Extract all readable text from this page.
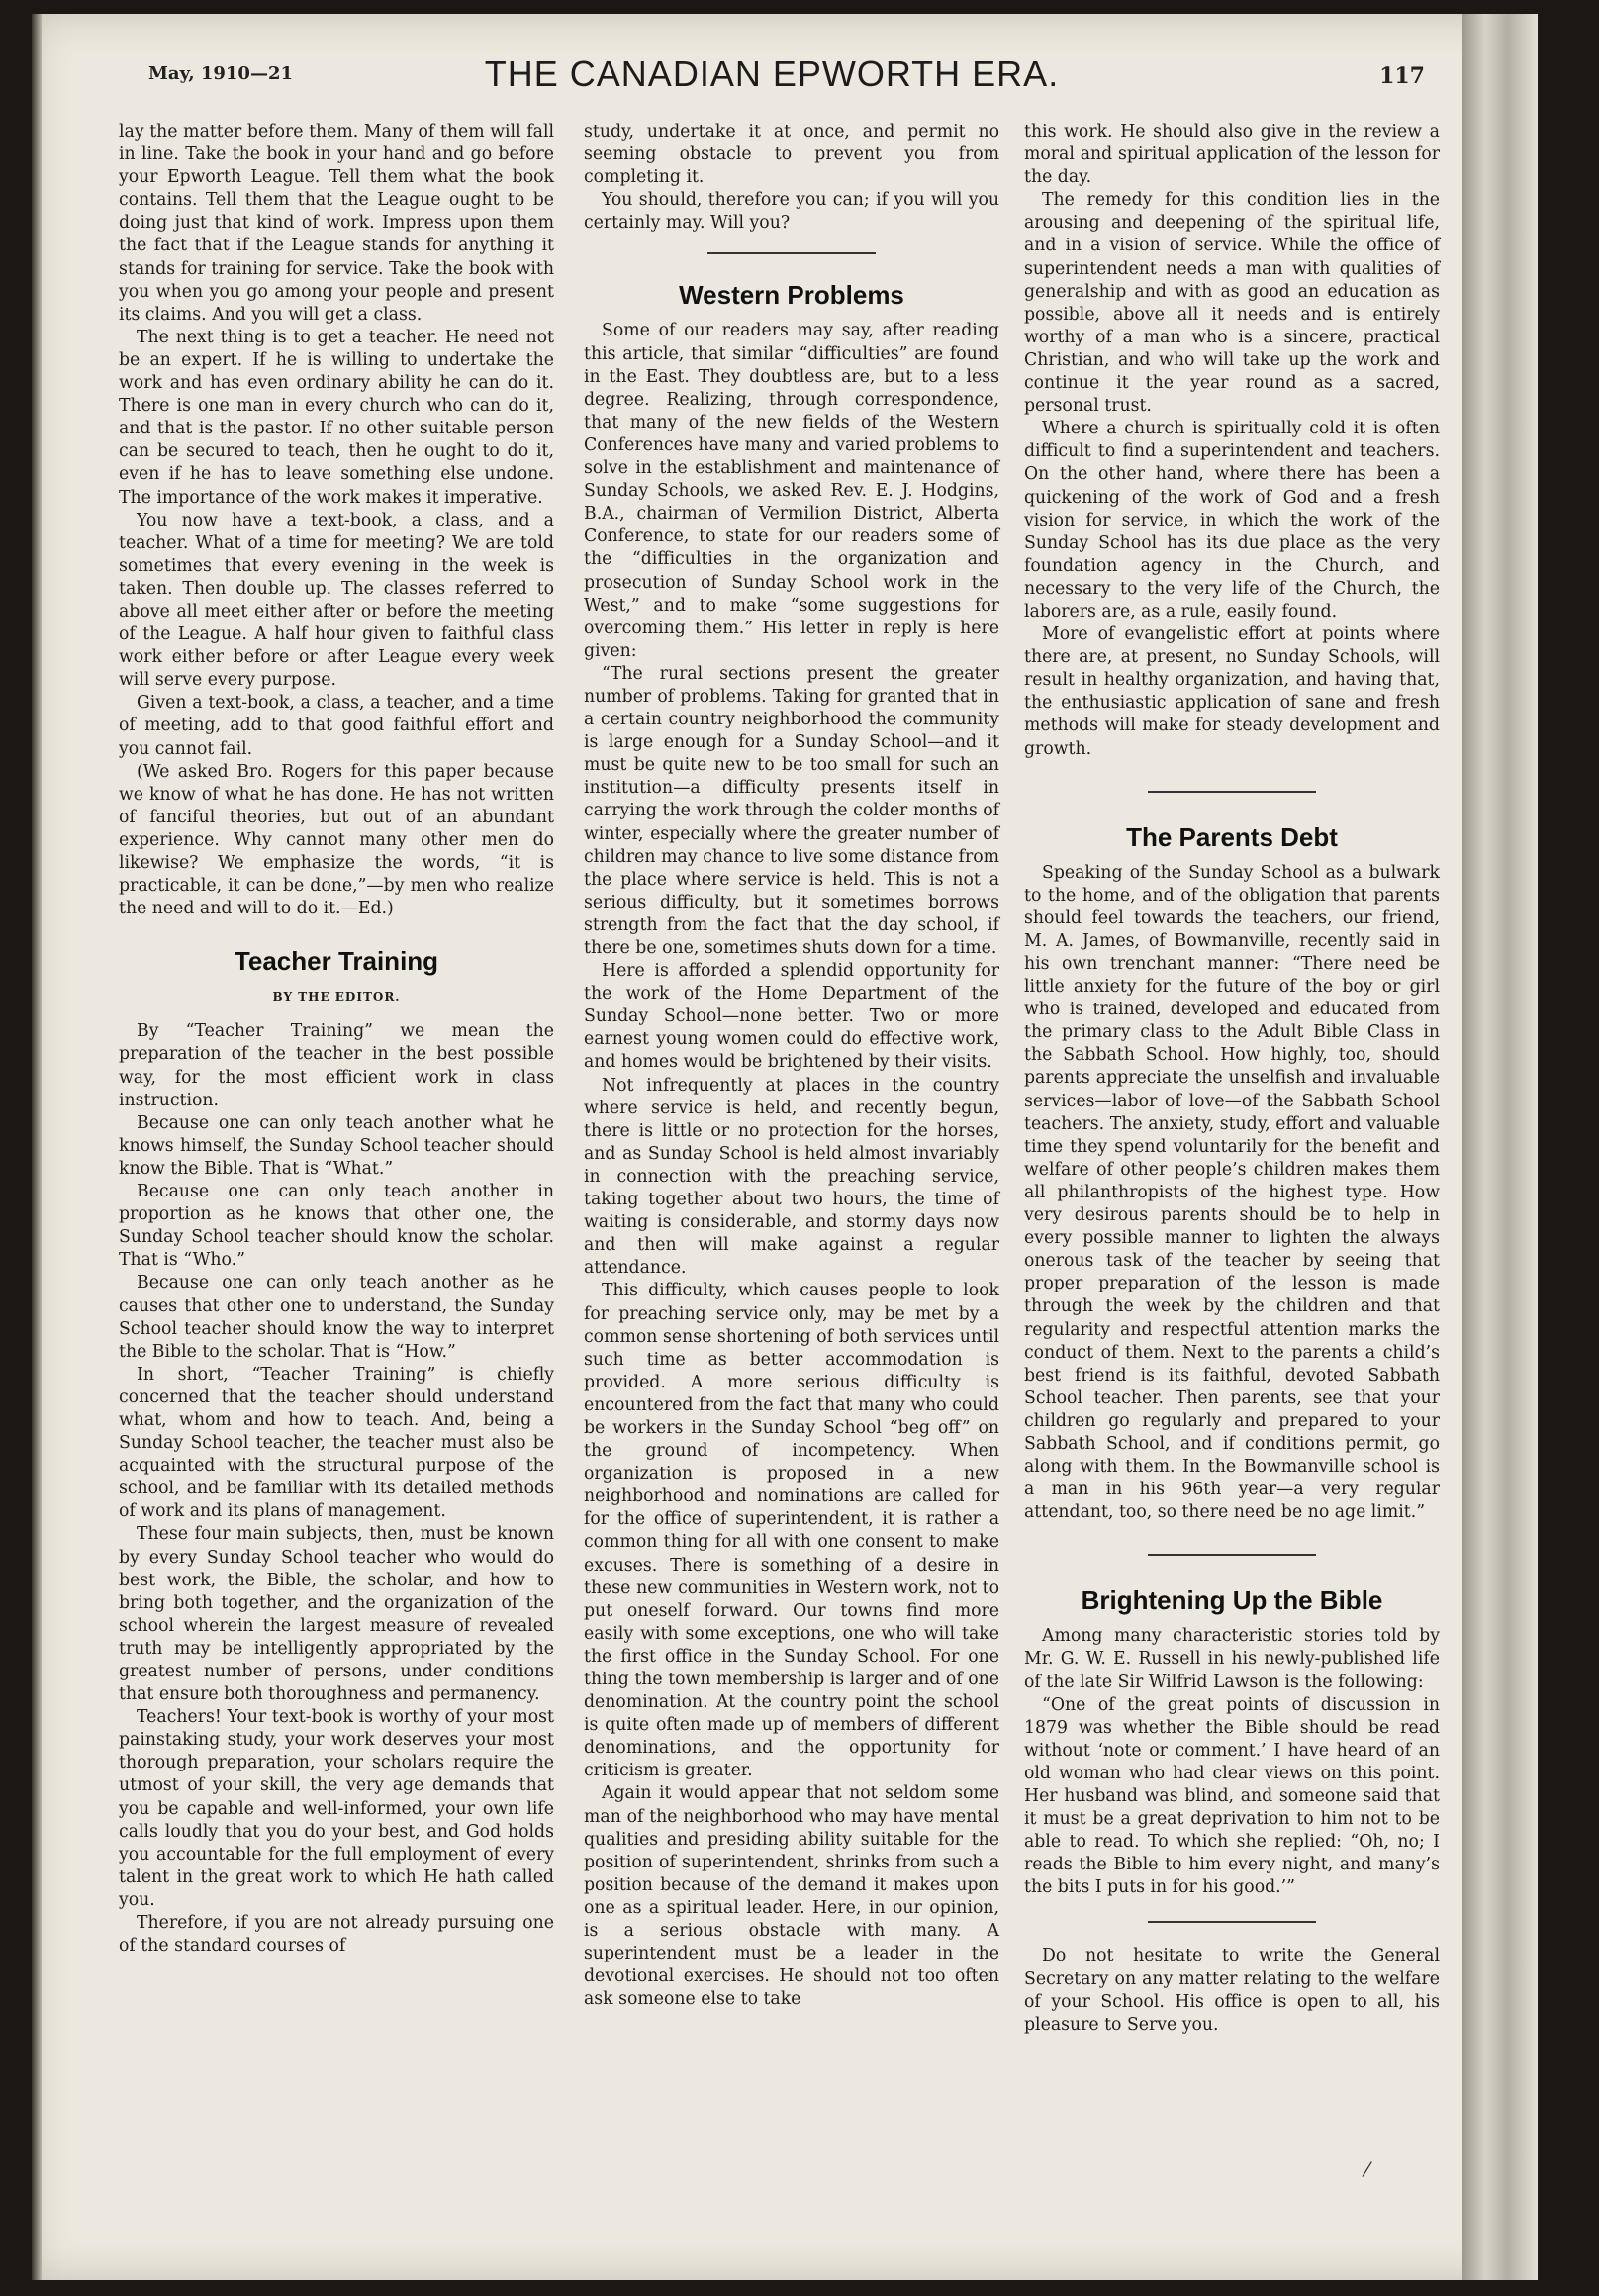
May, 1910—21	THE CANADIAN EPWORTH ERA.	117

lay the matter before them. Many of them will fall in line. Take the book in your hand and go before your Epworth League. Tell them what the book contains. Tell them that the League ought to be doing just that kind of work. Impress upon them the fact that if the League stands for anything it stands for training for service. Take the book with you when you go among your people and present its claims. And you will get a class.

The next thing is to get a teacher. He need not be an expert. If he is willing to undertake the work and has even ordinary ability he can do it. There is one man in every church who can do it, and that is the pastor. If no other suitable person can be secured to teach, then he ought to do it, even if he has to leave something else undone. The importance of the work makes it imperative.

You now have a text-book, a class, and a teacher. What of a time for meeting? We are told sometimes that every evening in the week is taken. Then double up. The classes referred to above all meet either after or before the meeting of the League. A half hour given to faithful class work either before or after League every week will serve every purpose.

Given a text-book, a class, a teacher, and a time of meeting, add to that good faithful effort and you cannot fail.

(We asked Bro. Rogers for this paper because we know of what he has done. He has not written of fanciful theories, but out of an abundant experience. Why cannot many other men do likewise? We emphasize the words, “it is practicable, it can be done,”—by men who realize the need and will to do it.—Ed.)

Teacher Training
BY THE EDITOR.

By “Teacher Training” we mean the preparation of the teacher in the best possible way, for the most efficient work in class instruction.

Because one can only teach another what he knows himself, the Sunday School teacher should know the Bible. That is “What.”

Because one can only teach another in proportion as he knows that other one, the Sunday School teacher should know the scholar. That is “Who.”

Because one can only teach another as he causes that other one to understand, the Sunday School teacher should know the way to interpret the Bible to the scholar. That is “How.”

In short, “Teacher Training” is chiefly concerned that the teacher should understand what, whom and how to teach. And, being a Sunday School teacher, the teacher must also be acquainted with the structural purpose of the school, and be familiar with its detailed methods of work and its plans of management.

These four main subjects, then, must be known by every Sunday School teacher who would do best work, the Bible, the scholar, and how to bring both together, and the organization of the school wherein the largest measure of revealed truth may be intelligently appropriated by the greatest number of persons, under conditions that ensure both thoroughness and permanency.

Teachers! Your text-book is worthy of your most painstaking study, your work deserves your most thorough preparation, your scholars require the utmost of your skill, the very age demands that you be capable and well-informed, your own life calls loudly that you do your best, and God holds you accountable for the full employment of every talent in the great work to which He hath called you.

Therefore, if you are not already pursuing one of the standard courses of

study, undertake it at once, and permit no seeming obstacle to prevent you from completing it.

You should, therefore you can; if you will you certainly may. Will you?

Western Problems

Some of our readers may say, after reading this article, that similar “difficulties” are found in the East. They doubtless are, but to a less degree. Realizing, through correspondence, that many of the new fields of the Western Conferences have many and varied problems to solve in the establishment and maintenance of Sunday Schools, we asked Rev. E. J. Hodgins, B.A., chairman of Vermilion District, Alberta Conference, to state for our readers some of the “difficulties in the organization and prosecution of Sunday School work in the West,” and to make “some suggestions for overcoming them.” His letter in reply is here given:

“The rural sections present the greater number of problems. Taking for granted that in a certain country neighborhood the community is large enough for a Sunday School—and it must be quite new to be too small for such an institution—a difficulty presents itself in carrying the work through the colder months of winter, especially where the greater number of children may chance to live some distance from the place where service is held. This is not a serious difficulty, but it sometimes borrows strength from the fact that the day school, if there be one, sometimes shuts down for a time.

Here is afforded a splendid opportunity for the work of the Home Department of the Sunday School—none better. Two or more earnest young women could do effective work, and homes would be brightened by their visits.

Not infrequently at places in the country where service is held, and recently begun, there is little or no protection for the horses, and as Sunday School is held almost invariably in connection with the preaching service, taking together about two hours, the time of waiting is considerable, and stormy days now and then will make against a regular attendance.

This difficulty, which causes people to look for preaching service only, may be met by a common sense shortening of both services until such time as better accommodation is provided. A more serious difficulty is encountered from the fact that many who could be workers in the Sunday School “beg off” on the ground of incompetency. When organization is proposed in a new neighborhood and nominations are called for for the office of superintendent, it is rather a common thing for all with one consent to make excuses. There is something of a desire in these new communities in Western work, not to put oneself forward. Our towns find more easily with some exceptions, one who will take the first office in the Sunday School. For one thing the town membership is larger and of one denomination. At the country point the school is quite often made up of members of different denominations, and the opportunity for criticism is greater.

Again it would appear that not seldom some man of the neighborhood who may have mental qualities and presiding ability suitable for the position of superintendent, shrinks from such a position because of the demand it makes upon one as a spiritual leader. Here, in our opinion, is a serious obstacle with many. A superintendent must be a leader in the devotional exercises. He should not too often ask someone else to take

this work. He should also give in the review a moral and spiritual application of the lesson for the day.

The remedy for this condition lies in the arousing and deepening of the spiritual life, and in a vision of service. While the office of superintendent needs a man with qualities of generalship and with as good an education as possible, above all it needs and is entirely worthy of a man who is a sincere, practical Christian, and who will take up the work and continue it the year round as a sacred, personal trust.

Where a church is spiritually cold it is often difficult to find a superintendent and teachers. On the other hand, where there has been a quickening of the work of God and a fresh vision for service, in which the work of the Sunday School has its due place as the very foundation agency in the Church, and necessary to the very life of the Church, the laborers are, as a rule, easily found.

More of evangelistic effort at points where there are, at present, no Sunday Schools, will result in healthy organization, and having that, the enthusiastic application of sane and fresh methods will make for steady development and growth.

The Parents Debt

Speaking of the Sunday School as a bulwark to the home, and of the obligation that parents should feel towards the teachers, our friend, M. A. James, of Bowmanville, recently said in his own trenchant manner: “There need be little anxiety for the future of the boy or girl who is trained, developed and educated from the primary class to the Adult Bible Class in the Sabbath School. How highly, too, should parents appreciate the unselfish and invaluable services—labor of love—of the Sabbath School teachers. The anxiety, study, effort and valuable time they spend voluntarily for the benefit and welfare of other people’s children makes them all philanthropists of the highest type. How very desirous parents should be to help in every possible manner to lighten the always onerous task of the teacher by seeing that proper preparation of the lesson is made through the week by the children and that regularity and respectful attention marks the conduct of them. Next to the parents a child’s best friend is its faithful, devoted Sabbath School teacher. Then parents, see that your children go regularly and prepared to your Sabbath School, and if conditions permit, go along with them. In the Bowmanville school is a man in his 96th year—a very regular attendant, too, so there need be no age limit.”

Brightening Up the Bible

Among many characteristic stories told by Mr. G. W. E. Russell in his newly-published life of the late Sir Wilfrid Lawson is the following:

“One of the great points of discussion in 1879 was whether the Bible should be read without ‘note or comment.’ I have heard of an old woman who had clear views on this point. Her husband was blind, and someone said that it must be a great deprivation to him not to be able to read. To which she replied: “Oh, no; I reads the Bible to him every night, and many’s the bits I puts in for his good.’”

Do not hesitate to write the General Secretary on any matter relating to the welfare of your School. His office is open to all, his pleasure to Serve you.

⁄
